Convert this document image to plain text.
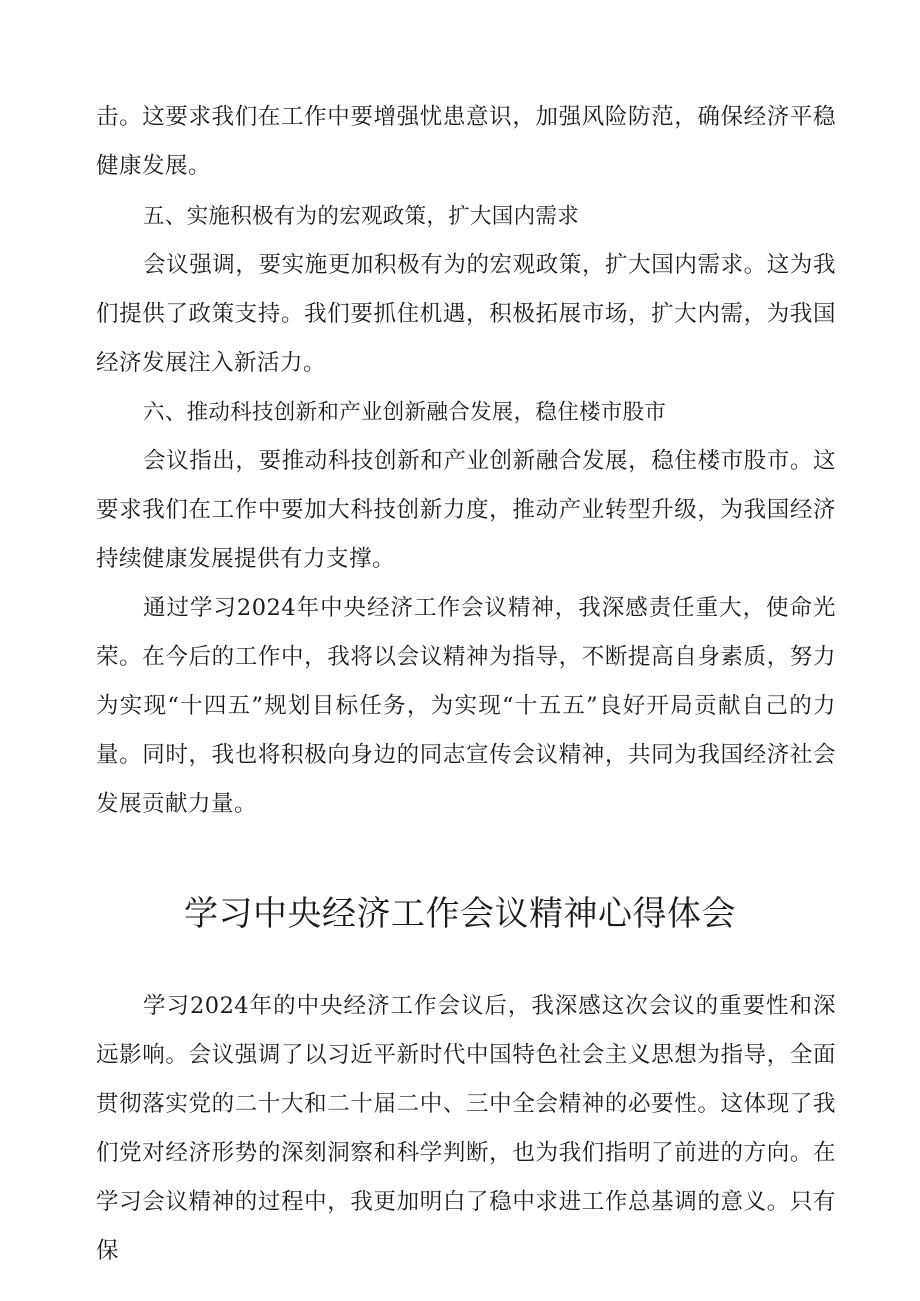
击。这要求我们在工作中要增强忧患意识，加强风险防范，确保经济平稳健康发展。

五、实施积极有为的宏观政策，扩大国内需求

会议强调，要实施更加积极有为的宏观政策，扩大国内需求。这为我们提供了政策支持。我们要抓住机遇，积极拓展市场，扩大内需，为我国经济发展注入新活力。

六、推动科技创新和产业创新融合发展，稳住楼市股市

会议指出，要推动科技创新和产业创新融合发展，稳住楼市股市。这要求我们在工作中要加大科技创新力度，推动产业转型升级，为我国经济持续健康发展提供有力支撑。

通过学习2024年中央经济工作会议精神，我深感责任重大，使命光荣。在今后的工作中，我将以会议精神为指导，不断提高自身素质，努力为实现“十四五”规划目标任务，为实现“十五五”良好开局贡献自己的力量。同时，我也将积极向身边的同志宣传会议精神，共同为我国经济社会发展贡献力量。

学习中央经济工作会议精神心得体会

学习2024年的中央经济工作会议后，我深感这次会议的重要性和深远影响。会议强调了以习近平新时代中国特色社会主义思想为指导，全面贯彻落实党的二十大和二十届二中、三中全会精神的必要性。这体现了我们党对经济形势的深刻洞察和科学判断，也为我们指明了前进的方向。在学习会议精神的过程中，我更加明白了稳中求进工作总基调的意义。只有保
